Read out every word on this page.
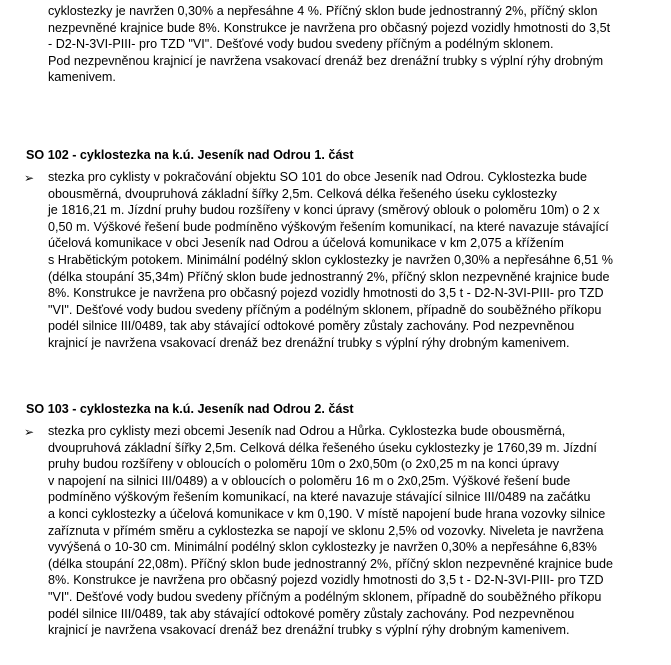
cyklostezky je navržen 0,30% a nepřesáhne 4 %. Příčný sklon bude jednostranný 2%, příčný sklon

nezpevněné krajnice bude 8%. Konstrukce je navržena pro občasný pojezd vozidly hmotnosti do 3,5t

- D2-N-3VI-PIII- pro TZD "VI". Dešťové vody budou svedeny příčným a podélným sklonem.

Pod nezpevněnou krajnicí je navržena vsakovací drenáž bez drenážní trubky s výplní rýhy drobným

kamenivem.

SO 102 - cyklostezka na k.ú. Jeseník nad Odrou 1. část
➢ stezka pro cyklisty v pokračování objektu SO 101 do obce Jeseník nad Odrou. Cyklostezka bude

obousměrná, dvoupruhová základní šířky 2,5m. Celková délka řešeného úseku cyklostezky

je 1816,21 m. Jízdní pruhy budou rozšířeny v konci úpravy (směrový oblouk o poloměru 10m) o 2 x

0,50 m. Výškové řešení bude podmíněno výškovým řešením komunikací, na které navazuje stávající

účelová komunikace v obci Jeseník nad Odrou a účelová komunikace v km 2,075 a křížením

s Hrabětickým potokem. Minimální podélný sklon cyklostezky je navržen 0,30% a nepřesáhne 6,51 %

(délka stoupání 35,34m) Příčný sklon bude jednostranný 2%, příčný sklon nezpevněné krajnice bude

8%. Konstrukce je navržena pro občasný pojezd vozidly hmotnosti do 3,5 t - D2-N-3VI-PIII- pro TZD

"VI". Dešťové vody budou svedeny příčným a podélným sklonem, případně do souběžného příkopu

podél silnice III/0489, tak aby stávající odtokové poměry zůstaly zachovány. Pod nezpevněnou

krajnicí je navržena vsakovací drenáž bez drenážní trubky s výplní rýhy drobným kamenivem.

SO 103 - cyklostezka na k.ú. Jeseník nad Odrou 2. část
➢ stezka pro cyklisty mezi obcemi Jeseník nad Odrou a Hůrka. Cyklostezka bude obousměrná,

dvoupruhová základní šířky 2,5m. Celková délka řešeného úseku cyklostezky je 1760,39 m. Jízdní

pruhy budou rozšířeny v obloucích o poloměru 10m o 2x0,50m (o 2x0,25 m na konci úpravy

v napojení na silnici III/0489) a v obloucích o poloměru 16 m o 2x0,25m. Výškové řešení bude

podmíněno výškovým řešením komunikací, na které navazuje stávající silnice III/0489 na začátku

a konci cyklostezky a účelová komunikace v km 0,190. V místě napojení bude hrana vozovky silnice

zaříznuta v přímém směru a cyklostezka se napojí ve sklonu 2,5% od vozovky. Niveleta je navržena

vyvýšená o 10-30 cm. Minimální podélný sklon cyklostezky je navržen 0,30% a nepřesáhne 6,83%

(délka stoupání 22,08m). Příčný sklon bude jednostranný 2%, příčný sklon nezpevněné krajnice bude

8%. Konstrukce je navržena pro občasný pojezd vozidly hmotnosti do 3,5 t - D2-N-3VI-PIII- pro TZD

"VI". Dešťové vody budou svedeny příčným a podélným sklonem, případně do souběžného příkopu

podél silnice III/0489, tak aby stávající odtokové poměry zůstaly zachovány. Pod nezpevněnou

krajnicí je navržena vsakovací drenáž bez drenážní trubky s výplní rýhy drobným kamenivem.
